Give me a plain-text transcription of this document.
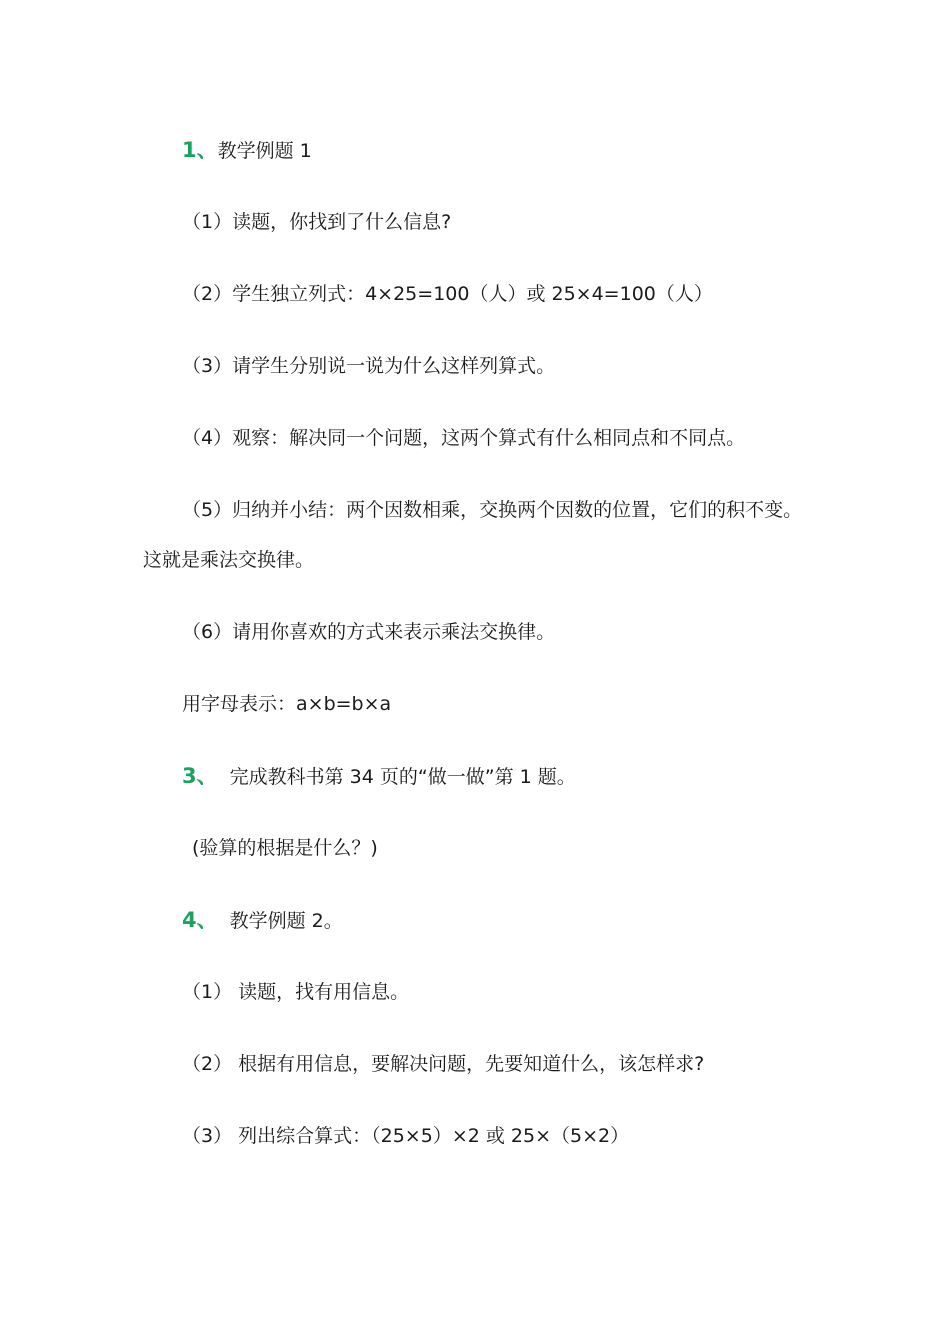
1、教学例题 1
（1）读题，你找到了什么信息?
（2）学生独立列式：4×25=100（人）或 25×4=100（人）
（3）请学生分别说一说为什么这样列算式。
（4）观察：解决同一个问题，这两个算式有什么相同点和不同点。
（5）归纳并小结：两个因数相乘，交换两个因数的位置，它们的积不变。
这就是乘法交换律。
（6）请用你喜欢的方式来表示乘法交换律。
用字母表示：a×b=b×a
3、 完成教科书第 34 页的“做一做”第 1 题。
(验算的根据是什么？)
4、 教学例题 2。
（1） 读题，找有用信息。
（2） 根据有用信息，要解决问题，先要知道什么，该怎样求?
（3） 列出综合算式：（25×5）×2 或 25×（5×2）
